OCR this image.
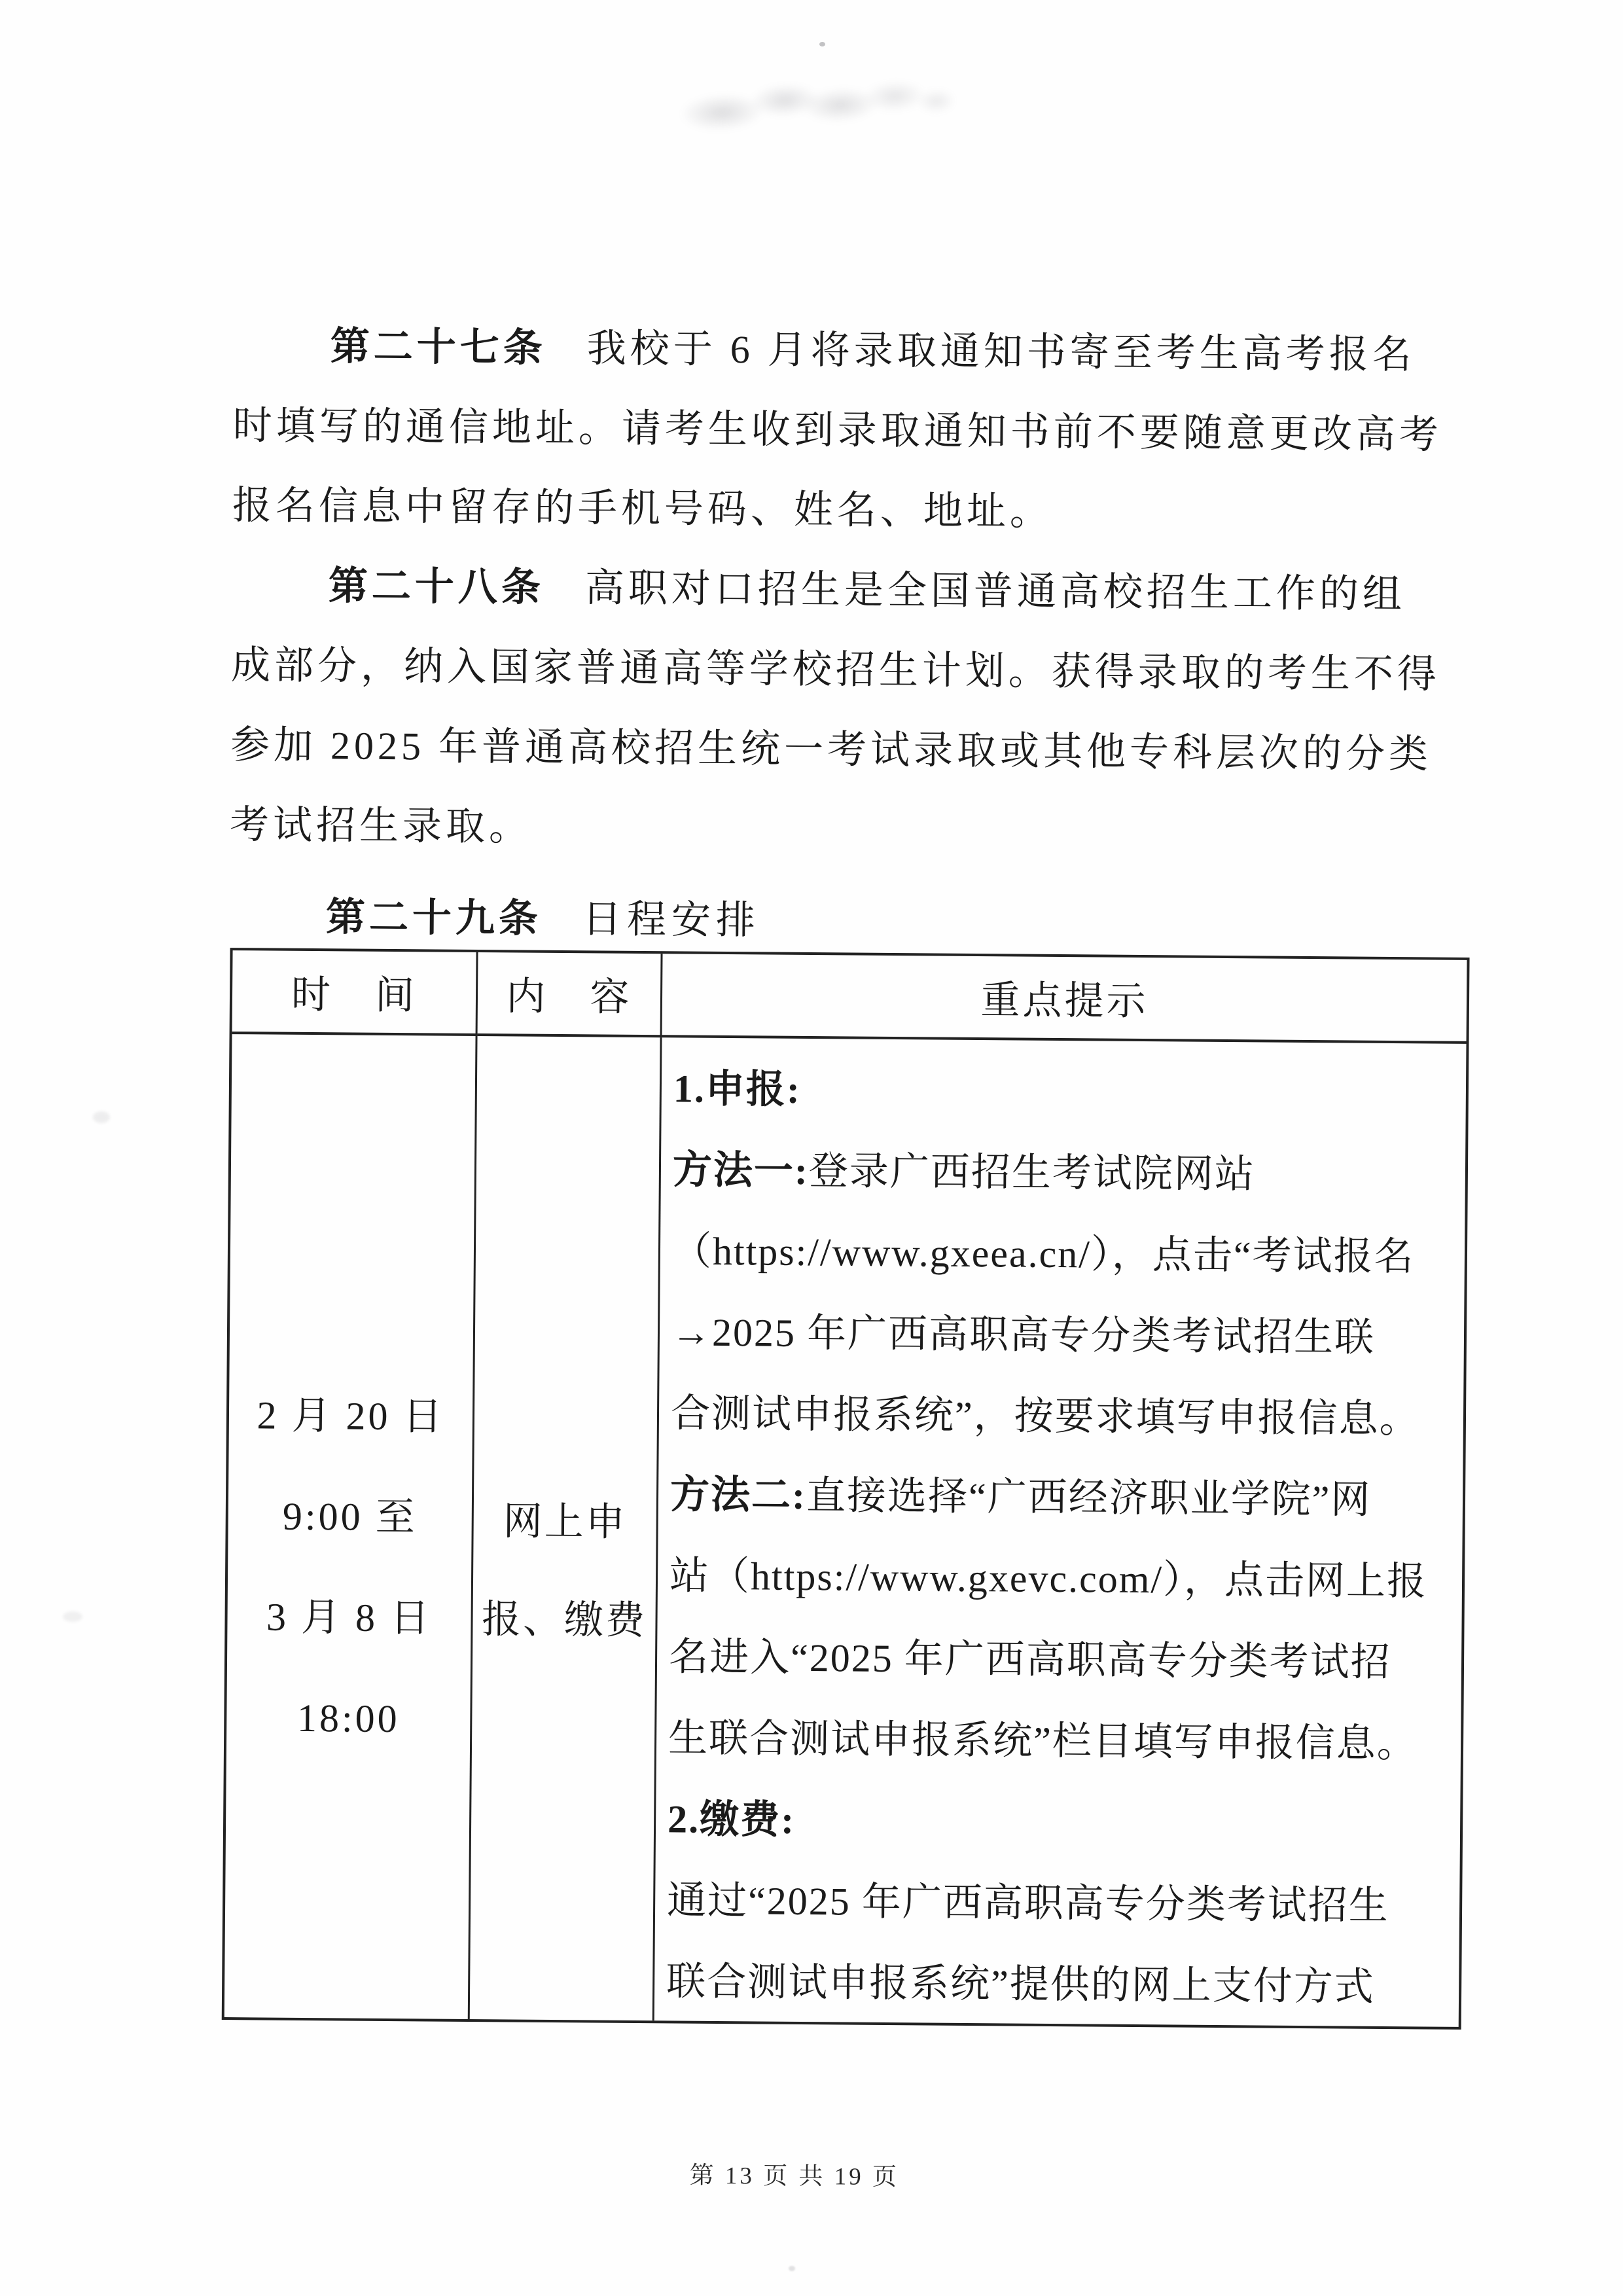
第二十七条 我校于 6 月将录取通知书寄至考生高考报名
时填写的通信地址。请考生收到录取通知书前不要随意更改高考
报名信息中留存的手机号码、姓名、地址。
第二十八条 高职对口招生是全国普通高校招生工作的组
成部分，纳入国家普通高等学校招生计划。获得录取的考生不得
参加 2025 年普通高校招生统一考试录取或其他专科层次的分类
考试招生录取。
第二十九条 日程安排
时　间	内　容	重点提示
2 月 20 日
9:00 至
3 月 8 日
18:00
网上申
报、缴费
1.申报:
方法一:登录广西招生考试院网站
（https://www.gxeea.cn/），点击“考试报名
→2025 年广西高职高专分类考试招生联
合测试申报系统”，按要求填写申报信息。
方法二:直接选择“广西经济职业学院”网
站（https://www.gxevc.com/），点击网上报
名进入“2025 年广西高职高专分类考试招
生联合测试申报系统”栏目填写申报信息。
2.缴费:
通过“2025 年广西高职高专分类考试招生
联合测试申报系统”提供的网上支付方式
第 13 页 共 19 页
